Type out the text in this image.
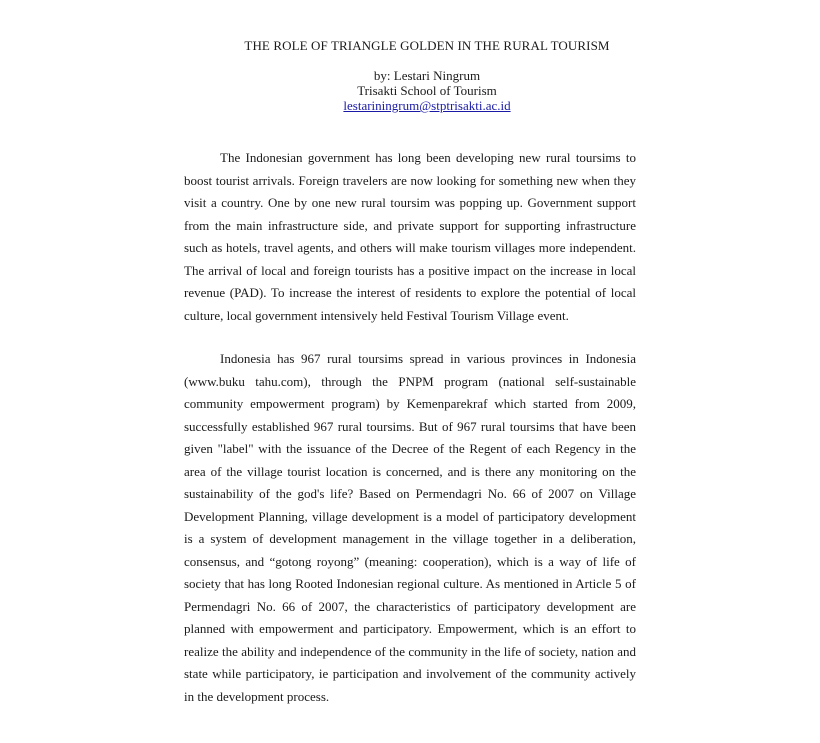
THE ROLE OF TRIANGLE GOLDEN IN THE RURAL TOURISM
by: Lestari Ningrum
Trisakti School of Tourism
lestariningrum@stptrisakti.ac.id

The Indonesian government has long been developing new rural toursims to boost tourist arrivals. Foreign travelers are now looking for something new when they visit a country. One by one new rural toursim was popping up. Government support from the main infrastructure side, and private support for supporting infrastructure such as hotels, travel agents, and others will make tourism villages more independent. The arrival of local and foreign tourists has a positive impact on the increase in local revenue (PAD). To increase the interest of residents to explore the potential of local culture, local government intensively held Festival Tourism Village event.

Indonesia has 967 rural toursims spread in various provinces in Indonesia (www.buku tahu.com), through the PNPM program (national self-sustainable community empowerment program) by Kemenparekraf which started from 2009, successfully established 967 rural toursims. But of 967 rural toursims that have been given "label" with the issuance of the Decree of the Regent of each Regency in the area of the village tourist location is concerned, and is there any monitoring on the sustainability of the god's life? Based on Permendagri No. 66 of 2007 on Village Development Planning, village development is a model of participatory development is a system of development management in the village together in a deliberation, consensus, and “gotong royong” (meaning: cooperation), which is a way of life of society that has long Rooted Indonesian regional culture. As mentioned in Article 5 of Permendagri No. 66 of 2007, the characteristics of participatory development are planned with empowerment and participatory. Empowerment, which is an effort to realize the ability and independence of the community in the life of society, nation and state while participatory, ie participation and involvement of the community actively in the development process.
